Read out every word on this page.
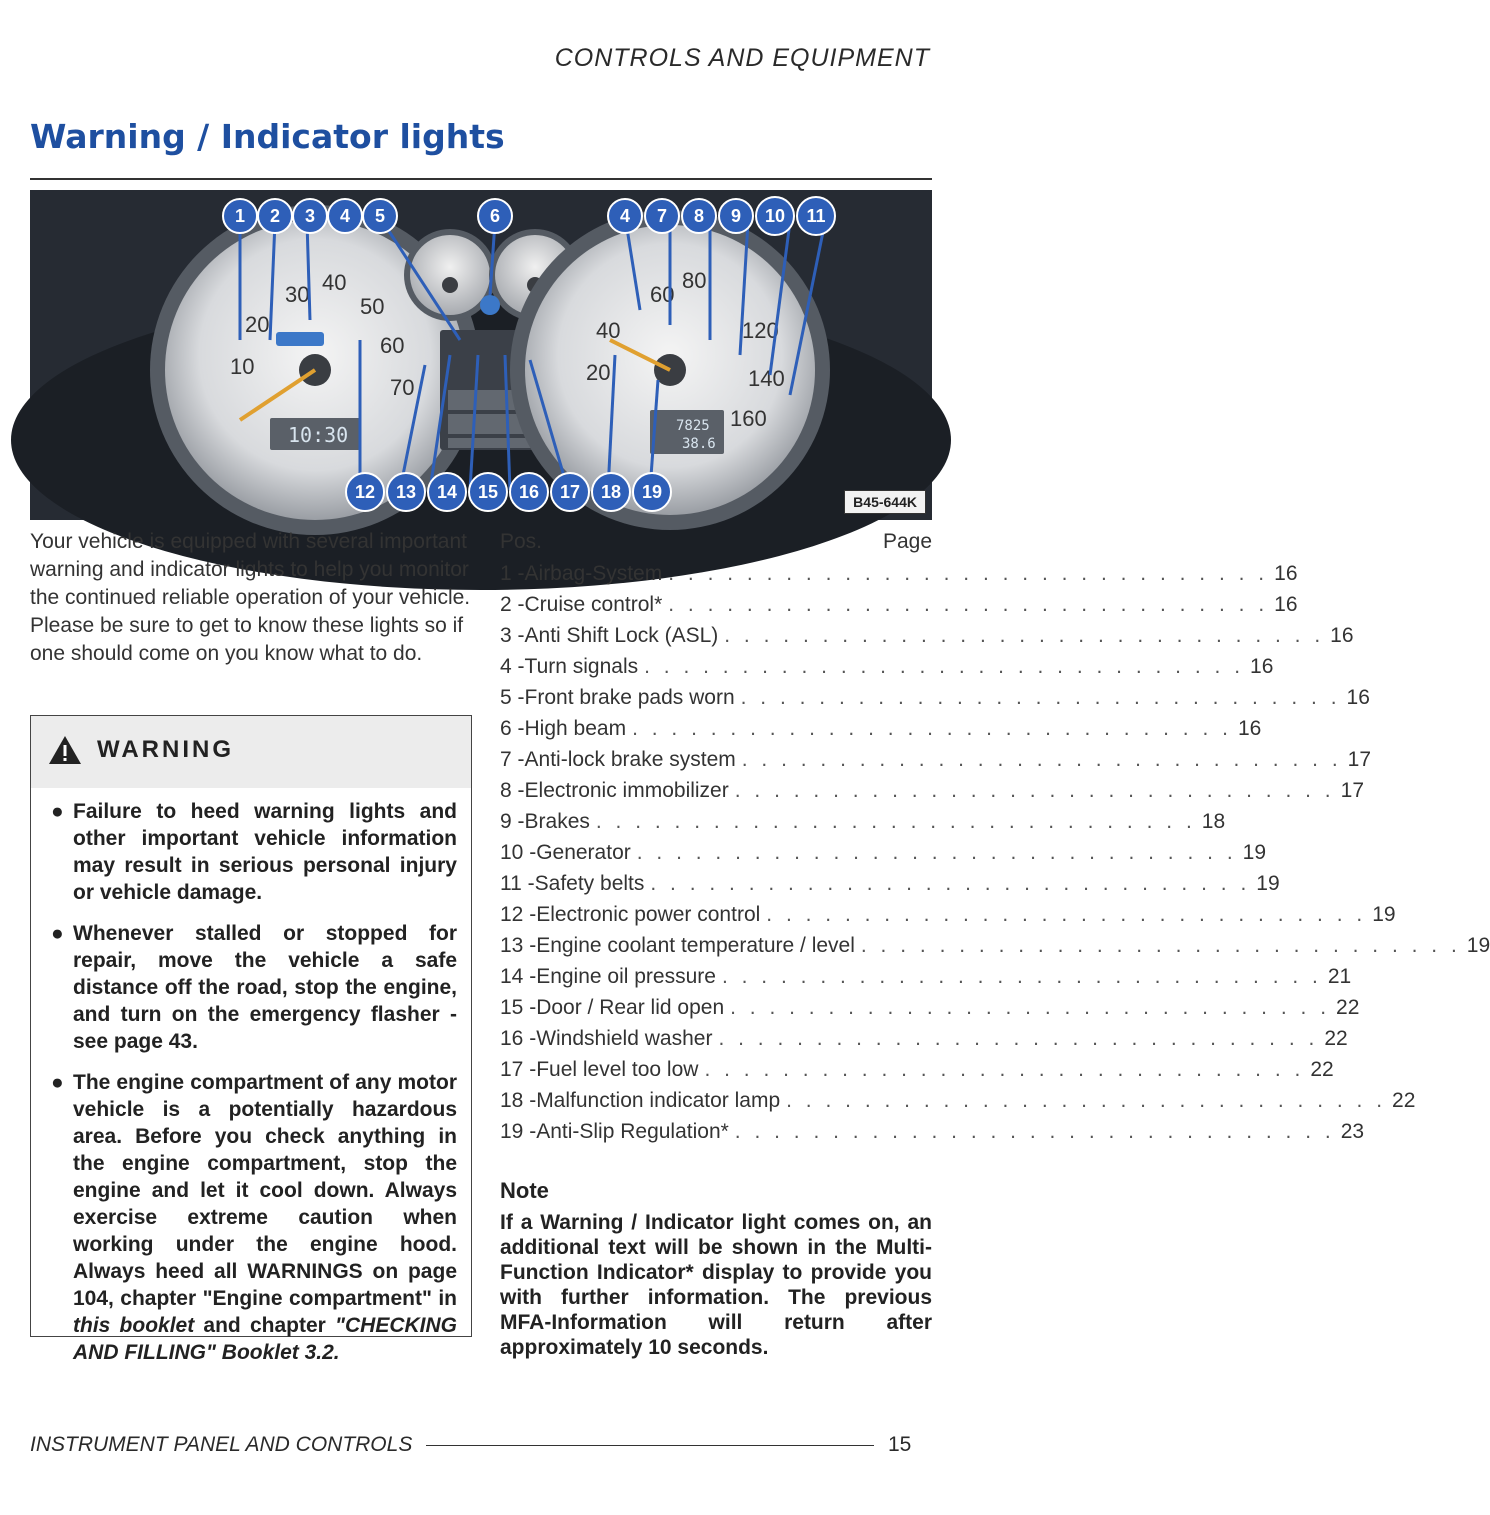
CONTROLS AND EQUIPMENT
Warning / Indicator lights
30 40
50
60
70
20
10
10:30
60
80
120
140
160
40
20
7825
38.6
1 2 3 4 5	6	4 7 8 9 10 11
12 13 14 15 16 17 18 19	B45-644K
Your vehicle is equipped with several important warning and indicator lights to help you monitor the continued reliable operation of your vehicle. Please be sure to get to know these lights so if one should come on you know what to do.
WARNING

● Failure to heed warning lights and other important vehicle information may result in serious personal injury or vehicle damage.

● Whenever stalled or stopped for repair, move the vehicle a safe distance off the road, stop the engine, and turn on the emergency flasher - see page 43.

● The engine compartment of any motor vehicle is a potentially hazardous area. Before you check anything in the engine compartment, stop the engine and let it cool down. Always exercise extreme caution when working under the engine hood. Always heed all WARNINGS on page 104, chapter "Engine compartment" in this booklet and chapter "CHECKING AND FILLING" Booklet 3.2.

Pos.	Page
1 - Airbag-System . . . . . . . . . . . . . . . . . . . . . . . . . . . . . . . 16
2 - Cruise control* . . . . . . . . . . . . . . . . . . . . . . . . . . . . . . . 16
3 - Anti Shift Lock (ASL) . . . . . . . . . . . . . . . . . . . . . . . . . . . . . . . 16
4 - Turn signals . . . . . . . . . . . . . . . . . . . . . . . . . . . . . . . 16
5 - Front brake pads worn . . . . . . . . . . . . . . . . . . . . . . . . . . . . . . . 16
6 - High beam . . . . . . . . . . . . . . . . . . . . . . . . . . . . . . . 16
7 - Anti-lock brake system . . . . . . . . . . . . . . . . . . . . . . . . . . . . . . . 17
8 - Electronic immobilizer . . . . . . . . . . . . . . . . . . . . . . . . . . . . . . . 17
9 - Brakes . . . . . . . . . . . . . . . . . . . . . . . . . . . . . . . 18
10 - Generator . . . . . . . . . . . . . . . . . . . . . . . . . . . . . . . 19
11 - Safety belts . . . . . . . . . . . . . . . . . . . . . . . . . . . . . . . 19
12 - Electronic power control . . . . . . . . . . . . . . . . . . . . . . . . . . . . . . . 19
13 - Engine coolant temperature / level . . . . . . . . . . . . . . . . . . . . . . . . . . . . . . . 19
14 - Engine oil pressure . . . . . . . . . . . . . . . . . . . . . . . . . . . . . . . 21
15 - Door / Rear lid open . . . . . . . . . . . . . . . . . . . . . . . . . . . . . . . 22
16 - Windshield washer . . . . . . . . . . . . . . . . . . . . . . . . . . . . . . . 22
17 - Fuel level too low . . . . . . . . . . . . . . . . . . . . . . . . . . . . . . . 22
18 - Malfunction indicator lamp . . . . . . . . . . . . . . . . . . . . . . . . . . . . . . . 22
19 - Anti-Slip Regulation* . . . . . . . . . . . . . . . . . . . . . . . . . . . . . . . 23
Note
If a Warning / Indicator light comes on, an additional text will be shown in the Multi-Function Indicator* display to provide you with further information. The previous MFA-Information will return after approximately 10 seconds.
INSTRUMENT PANEL AND CONTROLS	15
